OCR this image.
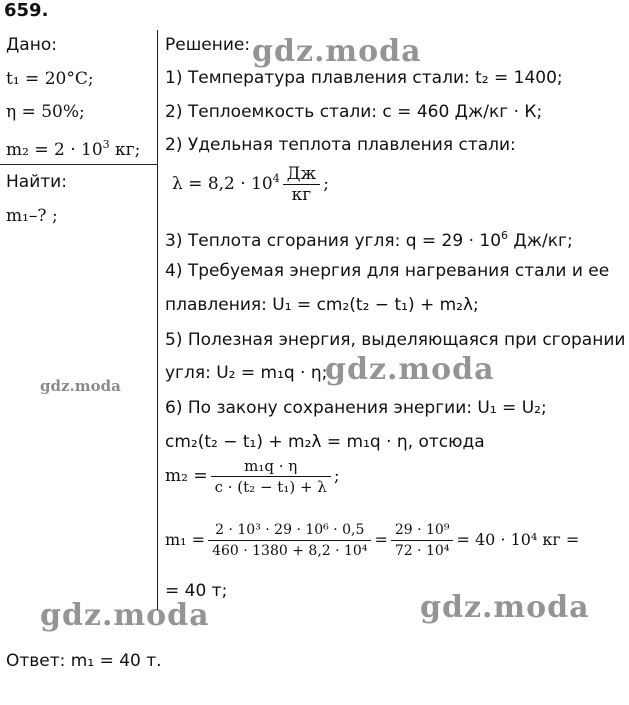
659.
Дано:
t₁ = 20°C;
η = 50%;
$m_2 = 2 \cdot 10^3$ кг;
Найти:
m₁–? ;
Решение:
1) Температура плавления стали: t₂ = 1400;
2) Теплоемкость стали: c = 460 Дж/кг · К;
2) Удельная теплота плавления стали:
$\lambda = 8,2 \cdot 10^4 \frac{Дж}{кг}$ ;
3) Теплота сгорания угля: $q = 29 \cdot 10^6$ Дж/кг;
4) Требуемая энергия для нагревания стали и ее
плавления: U₁ = cm₂(t₂ − t₁) + m₂λ;
5) Полезная энергия, выделяющаяся при сгорании
угля: U₂ = m₁q · η;
6) По закону сохранения энергии: U₁ = U₂;
cm₂(t₂ − t₁) + m₂λ = m₁q · η, отсюда
$m_2 = \frac{\text{m₁q · η}}{\text{c · (t₂ − t₁) + λ}}$ ;
$m_1 = \frac{\text{2 · 10³ · 29 · 10⁶ · 0,5}}{\text{460 · 1380 + 8,2 · 10⁴}} = \frac{\text{29 · 10⁹}}{\text{72 · 10⁴}} = 40 \cdot 10^4$ кг =
= 40 т;
Ответ: m₁ = 40 т.
gdz.moda
gdz.moda
gdz.moda
gdz.moda	gdz.moda
